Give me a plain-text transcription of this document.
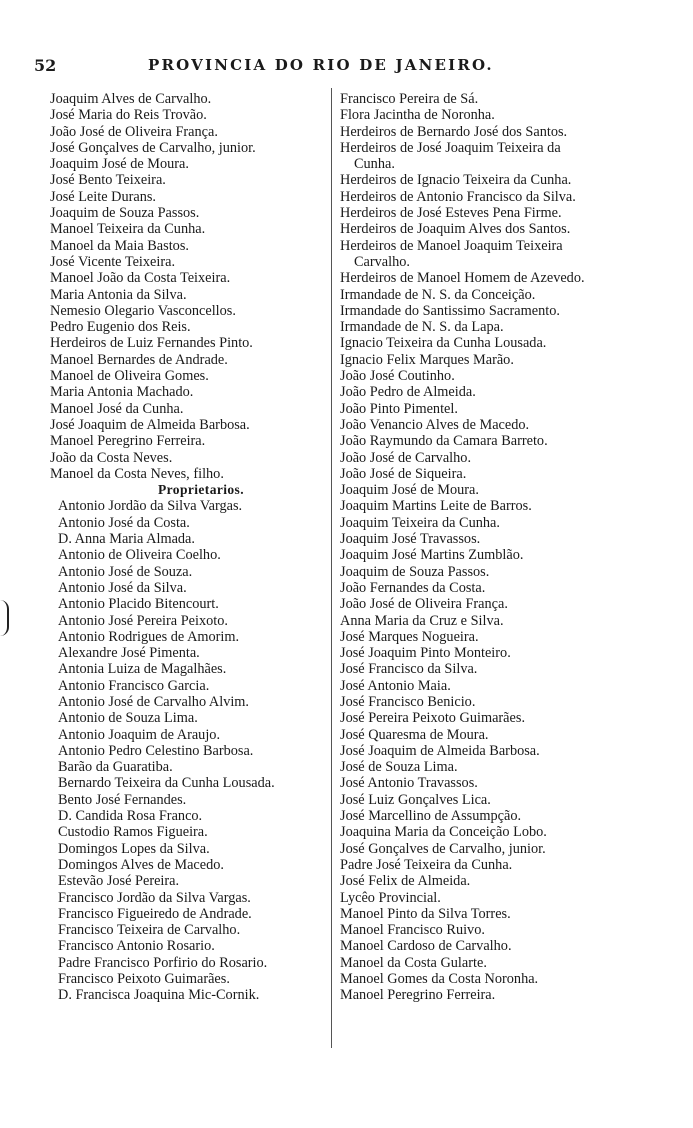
52	PROVINCIA DO RIO DE JANEIRO.
Joaquim Alves de Carvalho.
José Maria do Reis Trovão.
João José de Oliveira França.
José Gonçalves de Carvalho, junior.
Joaquim José de Moura.
José Bento Teixeira.
José Leite Durans.
Joaquim de Souza Passos.
Manoel Teixeira da Cunha.
Manoel da Maia Bastos.
José Vicente Teixeira.
Manoel João da Costa Teixeira.
Maria Antonia da Silva.
Nemesio Olegario Vasconcellos.
Pedro Eugenio dos Reis.
Herdeiros de Luiz Fernandes Pinto.
Manoel Bernardes de Andrade.
Manoel de Oliveira Gomes.
Maria Antonia Machado.
Manoel José da Cunha.
José Joaquim de Almeida Barbosa.
Manoel Peregrino Ferreira.
João da Costa Neves.
Manoel da Costa Neves, filho.
Proprietarios.
Antonio Jordão da Silva Vargas.
Antonio José da Costa.
D. Anna Maria Almada.
Antonio de Oliveira Coelho.
Antonio José de Souza.
Antonio José da Silva.
Antonio Placido Bitencourt.
Antonio José Pereira Peixoto.
Antonio Rodrigues de Amorim.
Alexandre José Pimenta.
Antonia Luiza de Magalhães.
Antonio Francisco Garcia.
Antonio José de Carvalho Alvim.
Antonio de Souza Lima.
Antonio Joaquim de Araujo.
Antonio Pedro Celestino Barbosa.
Barão da Guaratiba.
Bernardo Teixeira da Cunha Lousada.
Bento José Fernandes.
D. Candida Rosa Franco.
Custodio Ramos Figueira.
Domingos Lopes da Silva.
Domingos Alves de Macedo.
Estevão José Pereira.
Francisco Jordão da Silva Vargas.
Francisco Figueiredo de Andrade.
Francisco Teixeira de Carvalho.
Francisco Antonio Rosario.
Padre Francisco Porfirio do Rosario.
Francisco Peixoto Guimarães.
D. Francisca Joaquina Mic-Cornik.
Francisco Pereira de Sá.
Flora Jacintha de Noronha.
Herdeiros de Bernardo José dos Santos.
Herdeiros de José Joaquim Teixeira da
Cunha.
Herdeiros de Ignacio Teixeira da Cunha.
Herdeiros de Antonio Francisco da Silva.
Herdeiros de José Esteves Pena Firme.
Herdeiros de Joaquim Alves dos Santos.
Herdeiros de Manoel Joaquim Teixeira
Carvalho.
Herdeiros de Manoel Homem de Azevedo.
Irmandade de N. S. da Conceição.
Irmandade do Santissimo Sacramento.
Irmandade de N. S. da Lapa.
Ignacio Teixeira da Cunha Lousada.
Ignacio Felix Marques Marão.
João José Coutinho.
João Pedro de Almeida.
João Pinto Pimentel.
João Venancio Alves de Macedo.
João Raymundo da Camara Barreto.
João José de Carvalho.
João José de Siqueira.
Joaquim José de Moura.
Joaquim Martins Leite de Barros.
Joaquim Teixeira da Cunha.
Joaquim José Travassos.
Joaquim José Martins Zumblão.
Joaquim de Souza Passos.
João Fernandes da Costa.
João José de Oliveira França.
Anna Maria da Cruz e Silva.
José Marques Nogueira.
José Joaquim Pinto Monteiro.
José Francisco da Silva.
José Antonio Maia.
José Francisco Benicio.
José Pereira Peixoto Guimarães.
José Quaresma de Moura.
José Joaquim de Almeida Barbosa.
José de Souza Lima.
José Antonio Travassos.
José Luiz Gonçalves Lica.
José Marcellino de Assumpção.
Joaquina Maria da Conceição Lobo.
José Gonçalves de Carvalho, junior.
Padre José Teixeira da Cunha.
José Felix de Almeida.
Lycêo Provincial.
Manoel Pinto da Silva Torres.
Manoel Francisco Ruivo.
Manoel Cardoso de Carvalho.
Manoel da Costa Gularte.
Manoel Gomes da Costa Noronha.
Manoel Peregrino Ferreira.
